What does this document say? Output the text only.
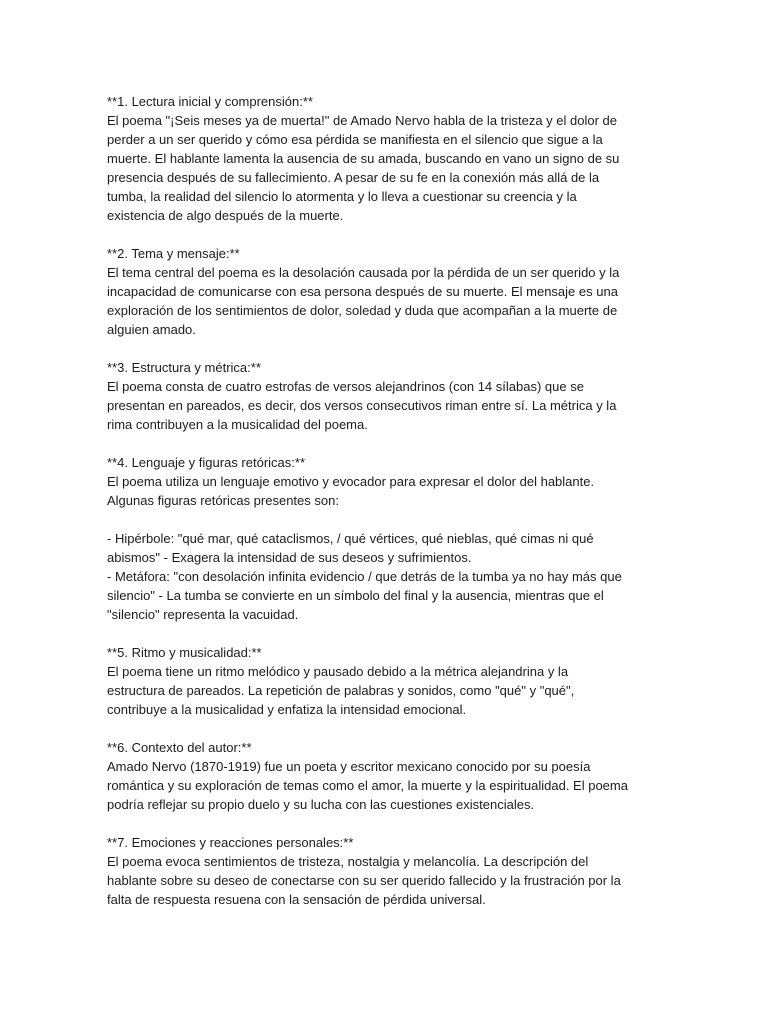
**1. Lectura inicial y comprensión:**
El poema "¡Seis meses ya de muerta!" de Amado Nervo habla de la tristeza y el dolor de
perder a un ser querido y cómo esa pérdida se manifiesta en el silencio que sigue a la
muerte. El hablante lamenta la ausencia de su amada, buscando en vano un signo de su
presencia después de su fallecimiento. A pesar de su fe en la conexión más allá de la
tumba, la realidad del silencio lo atormenta y lo lleva a cuestionar su creencia y la
existencia de algo después de la muerte.
**2. Tema y mensaje:**
El tema central del poema es la desolación causada por la pérdida de un ser querido y la
incapacidad de comunicarse con esa persona después de su muerte. El mensaje es una
exploración de los sentimientos de dolor, soledad y duda que acompañan a la muerte de
alguien amado.
**3. Estructura y métrica:**
El poema consta de cuatro estrofas de versos alejandrinos (con 14 sílabas) que se
presentan en pareados, es decir, dos versos consecutivos riman entre sí. La métrica y la
rima contribuyen a la musicalidad del poema.
**4. Lenguaje y figuras retóricas:**
El poema utiliza un lenguaje emotivo y evocador para expresar el dolor del hablante.
Algunas figuras retóricas presentes son:
- Hipérbole: "qué mar, qué cataclismos, / qué vértices, qué nieblas, qué cimas ni qué
abismos" - Exagera la intensidad de sus deseos y sufrimientos.
- Metáfora: "con desolación infinita evidencio / que detrás de la tumba ya no hay más que
silencio" - La tumba se convierte en un símbolo del final y la ausencia, mientras que el
"silencio" representa la vacuidad.
**5. Ritmo y musicalidad:**
El poema tiene un ritmo melódico y pausado debido a la métrica alejandrina y la
estructura de pareados. La repetición de palabras y sonidos, como "qué" y "qué",
contribuye a la musicalidad y enfatiza la intensidad emocional.
**6. Contexto del autor:**
Amado Nervo (1870-1919) fue un poeta y escritor mexicano conocido por su poesía
romántica y su exploración de temas como el amor, la muerte y la espiritualidad. El poema
podría reflejar su propio duelo y su lucha con las cuestiones existenciales.
**7. Emociones y reacciones personales:**
El poema evoca sentimientos de tristeza, nostalgia y melancolía. La descripción del
hablante sobre su deseo de conectarse con su ser querido fallecido y la frustración por la
falta de respuesta resuena con la sensación de pérdida universal.
